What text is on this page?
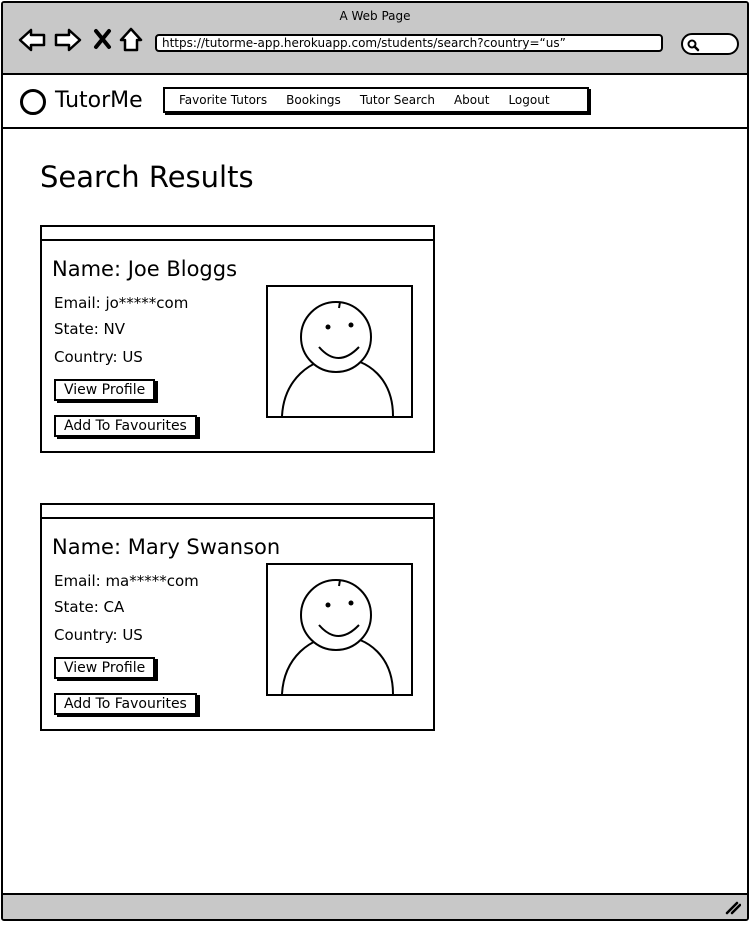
A Web Page
https://tutorme-app.herokuapp.com/students/search?country=“us”
TutorMe	Favorite Tutors Bookings Tutor Search About Logout
Search Results
Name: Joe Bloggs
Email: jo*****com
State: NV
Country: US
View Profile
Add To Favourites
Name: Mary Swanson
Email: ma*****com
State: CA
Country: US
View Profile
Add To Favourites
